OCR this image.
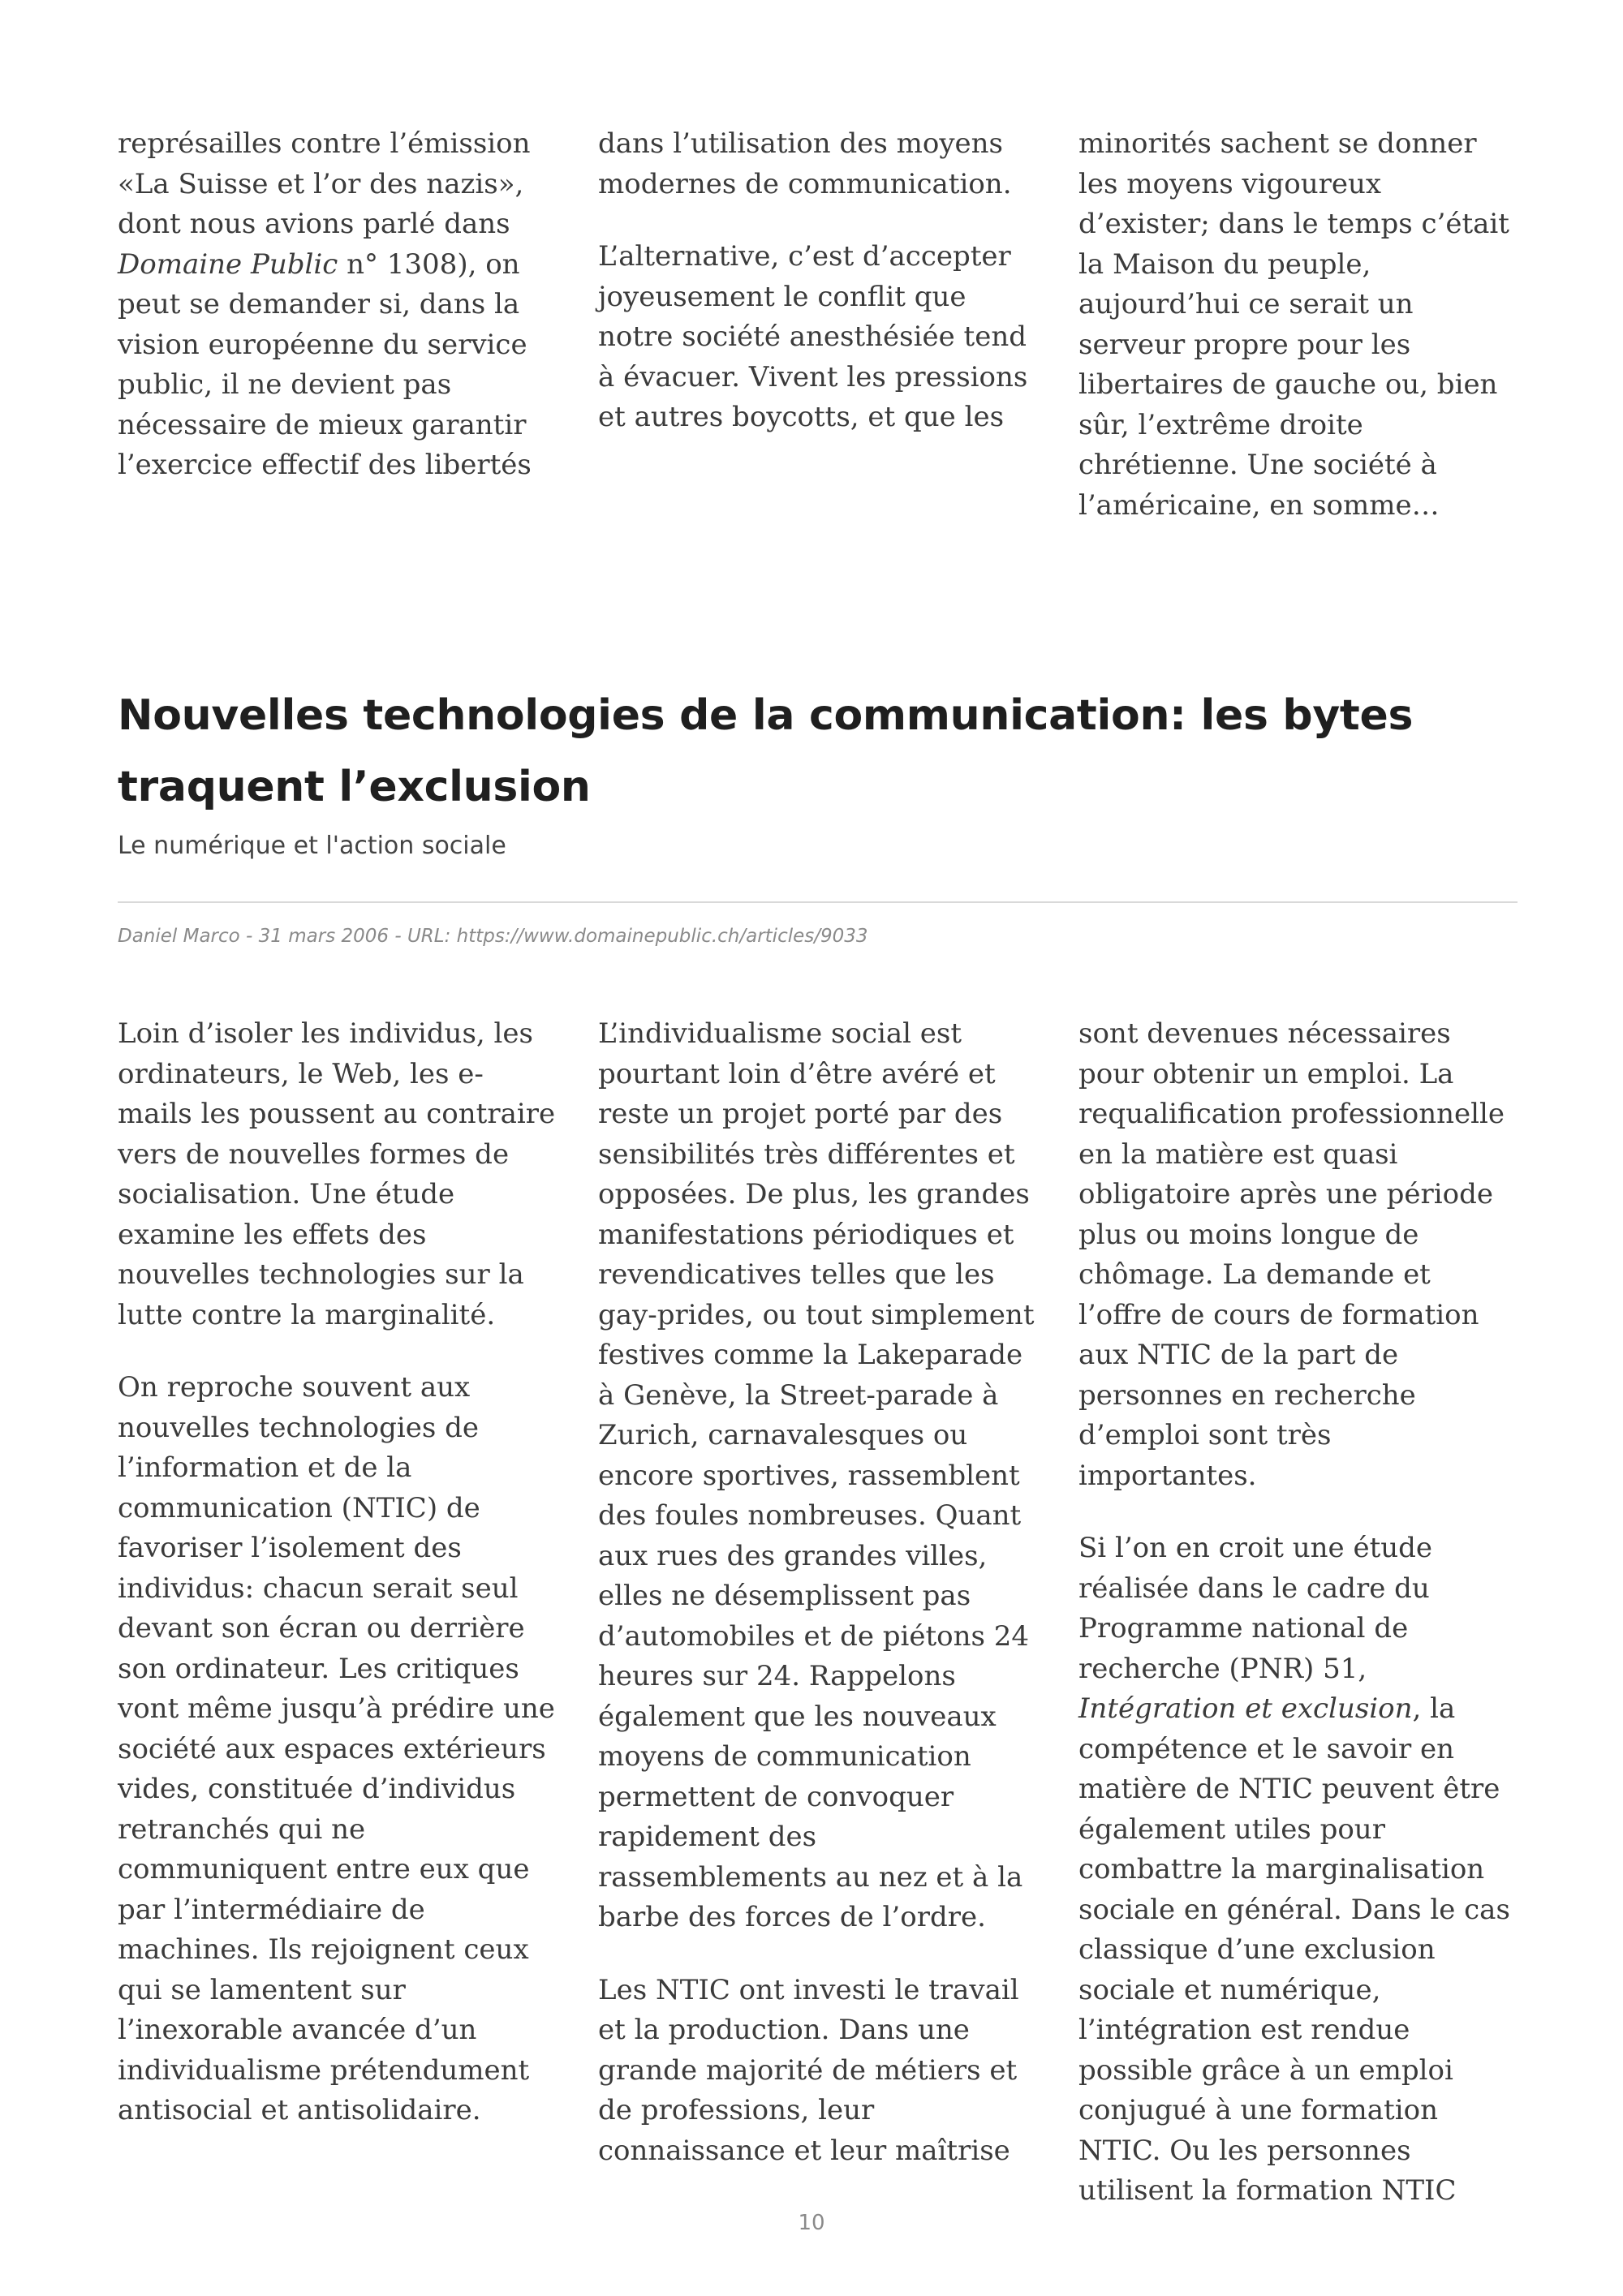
représailles contre l’émission «La Suisse et l’or des nazis», dont nous avions parlé dans Domaine Public n° 1308), on peut se demander si, dans la vision européenne du service public, il ne devient pas nécessaire de mieux garantir l’exercice effectif des libertés

dans l’utilisation des moyens modernes de communication.

L’alternative, c’est d’accepter joyeusement le conflit que notre société anesthésiée tend à évacuer. Vivent les pressions et autres boycotts, et que les

minorités sachent se donner les moyens vigoureux d’exister; dans le temps c’était la Maison du peuple, aujourd’hui ce serait un serveur propre pour les libertaires de gauche ou, bien sûr, l’extrême droite chrétienne. Une société à l’américaine, en somme…

Nouvelles technologies de la communication: les bytes traquent l’exclusion

Le numérique et l'action sociale

Daniel Marco - 31 mars 2006 - URL: https://www.domainepublic.ch/articles/9033

Loin d’isoler les individus, les ordinateurs, le Web, les e-mails les poussent au contraire vers de nouvelles formes de socialisation. Une étude examine les effets des nouvelles technologies sur la lutte contre la marginalité.

On reproche souvent aux nouvelles technologies de l’information et de la communication (NTIC) de favoriser l’isolement des individus: chacun serait seul devant son écran ou derrière son ordinateur. Les critiques vont même jusqu’à prédire une société aux espaces extérieurs vides, constituée d’individus retranchés qui ne communiquent entre eux que par l’intermédiaire de machines. Ils rejoignent ceux qui se lamentent sur l’inexorable avancée d’un individualisme prétendument antisocial et antisolidaire.

L’individualisme social est pourtant loin d’être avéré et reste un projet porté par des sensibilités très différentes et opposées. De plus, les grandes manifestations périodiques et revendicatives telles que les gay-prides, ou tout simplement festives comme la Lakeparade à Genève, la Street-parade à Zurich, carnavalesques ou encore sportives, rassemblent des foules nombreuses. Quant aux rues des grandes villes, elles ne désemplissent pas d’automobiles et de piétons 24 heures sur 24. Rappelons également que les nouveaux moyens de communication permettent de convoquer rapidement des rassemblements au nez et à la barbe des forces de l’ordre.

Les NTIC ont investi le travail et la production. Dans une grande majorité de métiers et de professions, leur connaissance et leur maîtrise

sont devenues nécessaires pour obtenir un emploi. La requalification professionnelle en la matière est quasi obligatoire après une période plus ou moins longue de chômage. La demande et l’offre de cours de formation aux NTIC de la part de personnes en recherche d’emploi sont très importantes.

Si l’on en croit une étude réalisée dans le cadre du Programme national de recherche (PNR) 51, Intégration et exclusion, la compétence et le savoir en matière de NTIC peuvent être également utiles pour combattre la marginalisation sociale en général. Dans le cas classique d’une exclusion sociale et numérique, l’intégration est rendue possible grâce à un emploi conjugué à une formation NTIC. Ou les personnes utilisent la formation NTIC

10
